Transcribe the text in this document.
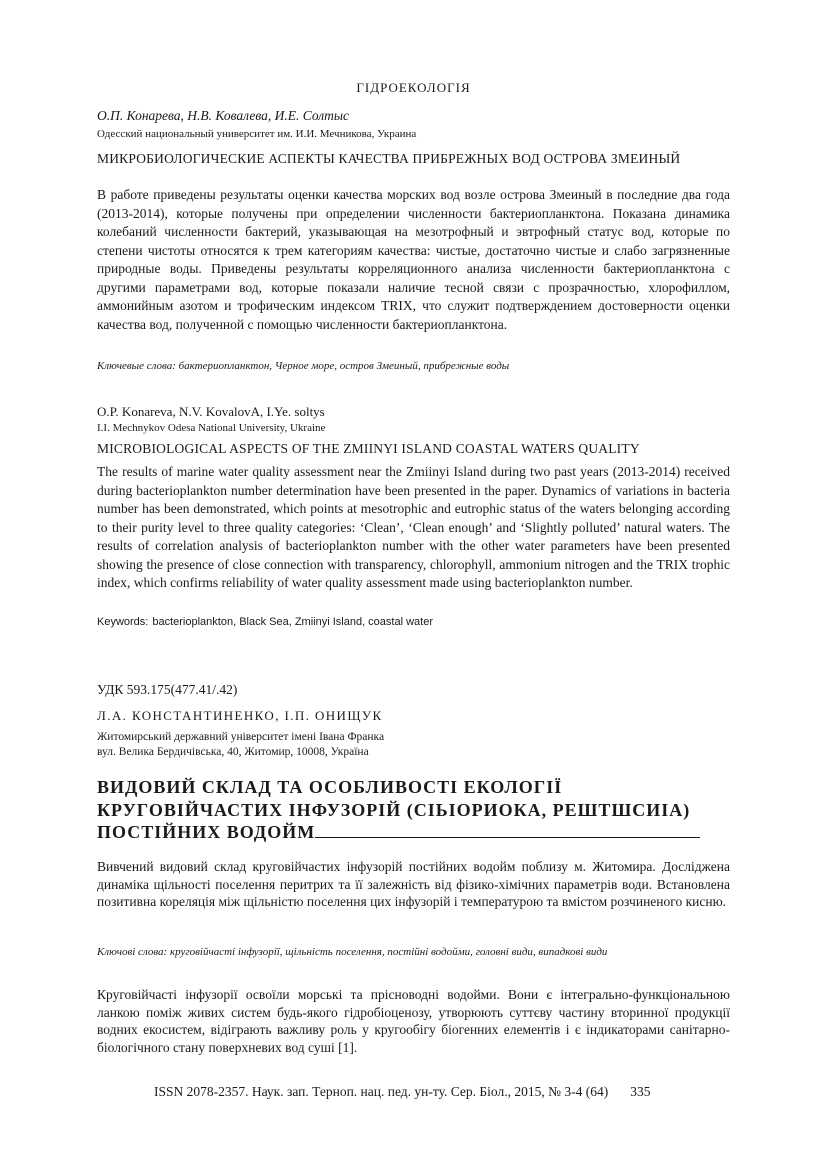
ГІДРОЕКОЛОГІЯ
О.П. Конарева, Н.В. Ковалева, И.Е. Солтыс
Одесский национальный университет им. И.И. Мечникова, Украина
МИКРОБИОЛОГИЧЕСКИЕ АСПЕКТЫ КАЧЕСТВА ПРИБРЕЖНЫХ ВОД ОСТРОВА ЗМЕИНЫЙ
В работе приведены результаты оценки качества морских вод возле острова Змеиный в последние два года (2013-2014), которые получены при определении численности бактериопланктона. Показана динамика колебаний численности бактерий, указывающая на мезотрофный и эвтрофный статус вод, которые по степени чистоты относятся к трем категориям качества: чистые, достаточно чистые и слабо загрязненные природные воды. Приведены результаты корреляционного анализа численности бактериопланктона с другими параметрами вод, которые показали наличие тесной связи с прозрачностью, хлорофиллом, аммонийным азотом и трофическим индексом TRIX, что служит подтверждением достоверности оценки качества вод, полученной с помощью численности бактериопланктона.
Ключевые слова: бактериопланктон, Черное море, остров Змеиный, прибрежные воды
O.P. Konareva, N.V. KovalovA, I.Ye. soltys
I.I. Mechnykov Odesa National University, Ukraine
MICROBIOLOGICAL ASPECTS OF THE ZMIINYI ISLAND COASTAL WATERS QUALITY
The results of marine water quality assessment near the Zmiinyi Island during two past years (2013-2014) received during bacterioplankton number determination have been presented in the paper. Dynamics of variations in bacteria number has been demonstrated, which points at mesotrophic and eutrophic status of the waters belonging according to their purity level to three quality categories: ‘Clean’, ‘Clean enough’ and ‘Slightly polluted’ natural waters. The results of correlation analysis of bacterioplankton number with the other water parameters have been presented showing the presence of close connection with transparency, chlorophyll, ammonium nitrogen and the TRIX trophic index, which confirms reliability of water quality assessment made using bacterioplankton number.
Keywords: bacterioplankton, Black Sea, Zmiinyi Island, coastal water
УДК 593.175(477.41/.42)
Л.А. КОНСТАНТИНЕНКО, І.П. ОНИЩУК
Житомирський державний університет імені Івана Франка
вул. Велика Бердичівська, 40, Житомир, 10008, Україна
ВИДОВИЙ СКЛАД ТА ОСОБЛИВОСТІ ЕКОЛОГІЇ КРУГОВІЙЧАСТИХ ІНФУЗОРІЙ (CIЬIOРИОКА, РЕШТШСИІА) ПОСТІЙНИХ ВОДОЙМ
Вивчений видовий склад круговійчастих інфузорій постійних водойм поблизу м. Житомира. Досліджена динаміка щільності поселення перитрих та її залежність від фізико-хімічних параметрів води. Встановлена позитивна кореляція між щільністю поселення цих інфузорій і температурою та вмістом розчиненого кисню.
Ключові слова: круговійчасті інфузорії, щільність поселення, постійні водойми, головні види, випадкові види
Круговійчасті інфузорії освоїли морські та прісноводні водойми. Вони є інтегрально-функціональною ланкою поміж живих систем будь-якого гідробіоценозу, утворюють суттєву частину вторинної продукції водних екосистем, відіграють важливу роль у кругообігу біогенних елементів і є індикаторами санітарно-біологічного стану поверхневих вод суші [1].
ISSN 2078-2357. Наук. зап. Терноп. нац. пед. ун-ту. Сер. Біол., 2015, № 3-4 (64) 335
